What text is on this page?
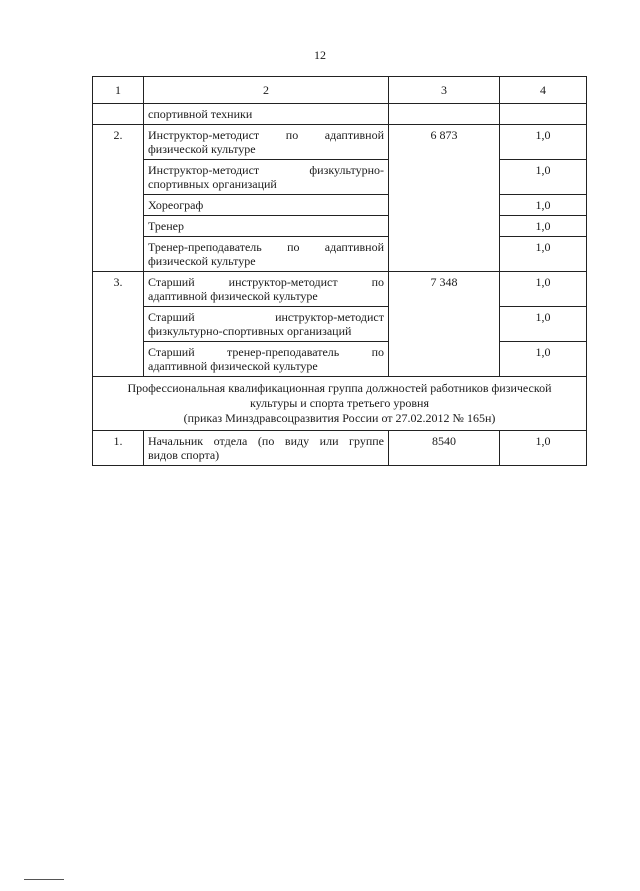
12
1	2	3	4

	спортивной техники		

2.	Инструктор-методист по адаптивной
физической культуре	6 873	1,0

	Инструктор-методист физкультурно-
спортивных организаций		1,0

	Хореограф		1,0

	Тренер		1,0

	Тренер-преподаватель по адаптивной
физической культуре		1,0
3.	Старший инструктор-методист по
адаптивной физической культуре	7 348	1,0

	Старший инструктор-методист
физкультурно-спортивных организаций		1,0

	Старший тренер-преподаватель по
адаптивной физической культуре		1,0

Профессиональная квалификационная группа должностей работников физической
культуры и спорта третьего уровня
(приказ Минздравсоцразвития России от 27.02.2012 № 165н)			

1.	Начальник отдела (по виду или группе
видов спорта)	8540	1,0
